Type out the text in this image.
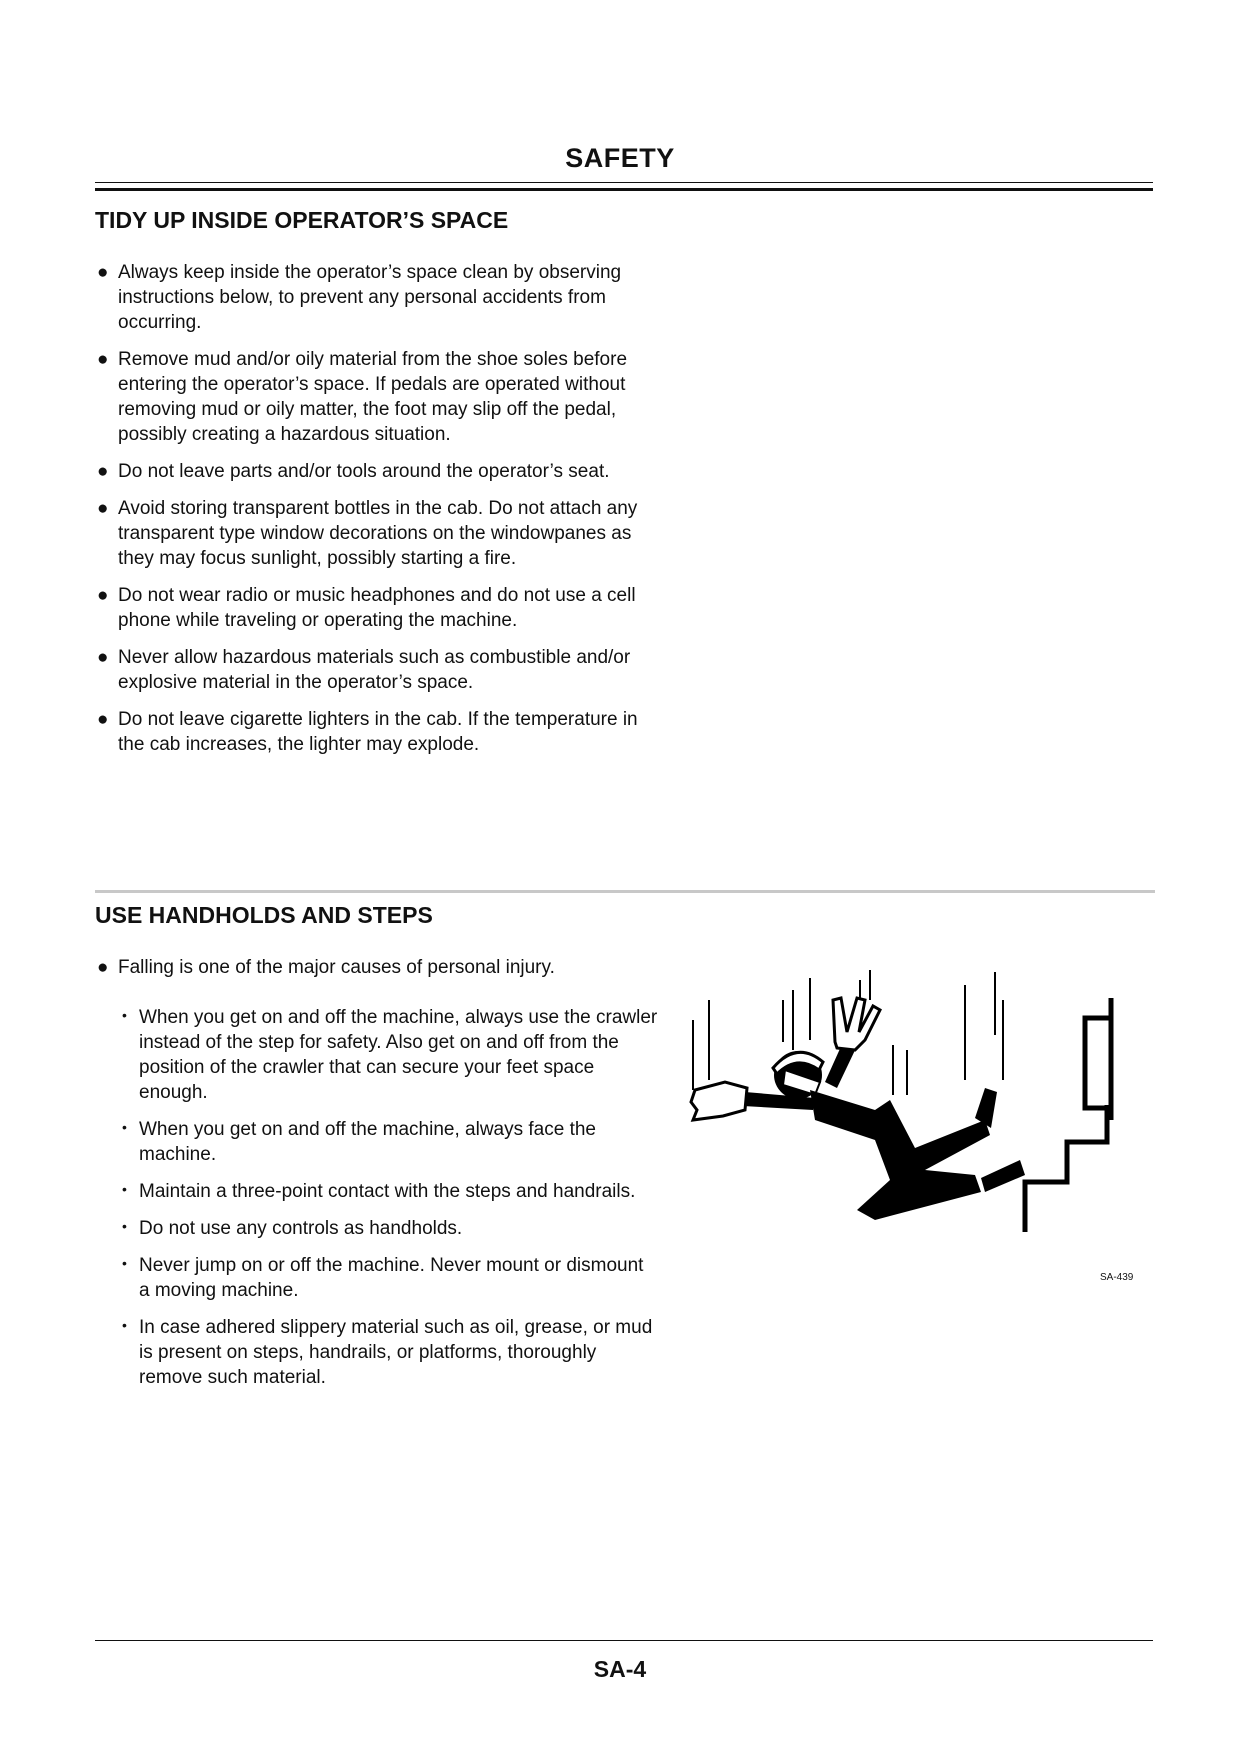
SAFETY
TIDY UP INSIDE OPERATOR’S SPACE
● Always keep inside the operator’s space clean by observing instructions below, to prevent any personal accidents from occurring.
● Remove mud and/or oily material from the shoe soles before entering the operator’s space. If pedals are operated without removing mud or oily matter, the foot may slip off the pedal, possibly creating a hazardous situation.
● Do not leave parts and/or tools around the operator’s seat.
● Avoid storing transparent bottles in the cab. Do not attach any transparent type window decorations on the windowpanes as they may focus sunlight, possibly starting a fire.
● Do not wear radio or music headphones and do not use a cell phone while traveling or operating the machine.
● Never allow hazardous materials such as combustible and/or explosive material in the operator’s space.
● Do not leave cigarette lighters in the cab. If the temperature in the cab increases, the lighter may explode.
USE HANDHOLDS AND STEPS
● Falling is one of the major causes of personal injury.
• When you get on and off the machine, always use the crawler instead of the step for safety. Also get on and off from the position of the crawler that can secure your feet space enough.
• When you get on and off the machine, always face the machine.
• Maintain a three-point contact with the steps and handrails.
• Do not use any controls as handholds.
• Never jump on or off the machine. Never mount or dismount a moving machine.
• In case adhered slippery material such as oil, grease, or mud is present on steps, handrails, or platforms, thoroughly remove such material.
SA-439
SA-4
